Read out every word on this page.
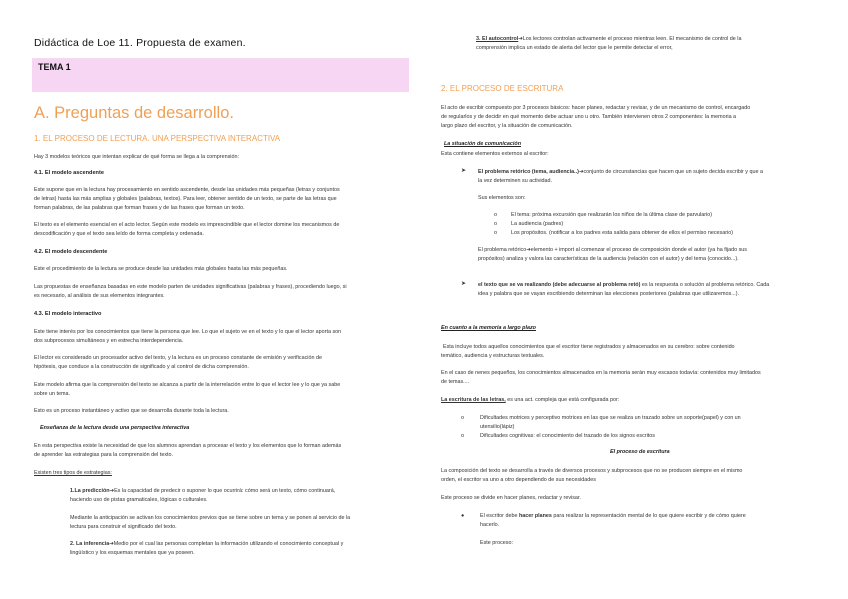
Didáctica de Loe 11. Propuesta de examen.
TEMA 1
A. Preguntas de desarrollo.
1. EL PROCESO DE LECTURA. UNA PERSPECTIVA INTERACTIVA
Hay 3 modelos teóricos que intentan explicar de qué forma se llega a la comprensión:
4.1. El modelo ascendente
Este supone que en la lectura hay procesamiento en sentido ascendente, desde las unidades más pequeñas (letras y conjuntos
de letras) hasta las más amplias y globales (palabras, textos). Para leer, obtener sentido de un texto, se parte de las letras que
forman palabras, de las palabras que forman frases y de las frases que forman un texto.
El texto es el elemento esencial en el acto lector. Según este modelo es imprescindible que el lector domine los mecanismos de
descodificación y que el texto sea leído de forma completa y ordenada.
4.2. El modelo descendente
Este el procedimiento de la lectura se produce desde las unidades más globales hasta las más pequeñas.
Las propuestas de enseñanza basadas en este modelo parten de unidades significativas (palabras y frases), procediendo luego, si
es necesario, al análisis de sus elementos integrantes.
4.3. El modelo interactivo
Este tiene interés por los conocimientos que tiene la persona que lee. Lo que el sujeto ve en el texto y lo que el lector aporta son
dos subprocesos simultáneos y en estrecha interdependencia.
El lector es considerado un procesador activo del texto, y la lectura es un proceso constante de emisión y verificación de
hipótesis, que conduce a la construcción de significado y al control de dicha comprensión.
Este modelo afirma que la comprensión del texto se alcanza a partir de la interrelación entre lo que el lector lee y lo que ya sabe
sobre un tema.
Esto es un proceso instantáneo y activo que se desarrolla durante toda la lectura.
Enseñanza de la lectura desde una perspectiva interactiva
En esta perspectiva existe la necesidad de que los alumnos aprendan a procesar el texto y los elementos que lo forman además
de aprender las estrategias para la comprensión del texto.
Existen tres tipos de estrategias:
1.La predicción➔Es la capacidad de predecir o suponer lo que ocurrirá: cómo será un texto, cómo continuará,
haciendo uso de pistas gramaticales, lógicas o culturales.
Mediante la anticipación se activan los conocimientos previos que se tiene sobre un tema y se ponen al servicio de la
lectura para construir el significado del texto.
2. La inferencia➔Medio por el cual las personas completan la información utilizando el conocimiento conceptual y
lingüístico y los esquemas mentales que ya poseen.
3. El autocontrol➔Los lectores controlan activamente el proceso mientras leen. El mecanismo de control de la
comprensión implica un estado de alerta del lector que le permite detectar el error,
2. EL PROCESO DE ESCRITURA
El acto de escribir compuesto por 3 procesos básicos: hacer planes, redactar y revisar, y de un mecanismo de control, encargado
de regularlos y de decidir en qué momento debe actuar uno u otro. También intervienen otros 2 componentes: la memoria a
largo plazo del escritor, y la situación de comunicación.
La situación de comunicación
Esta contiene elementos externos al escritor:
➤ El problema retórico (tema, audiencia..)➔conjunto de circunstancias que hacen que un sujeto decida escribir y que a
la vez determinen su actividad.
Sus elementos son:
o	El tema: próxima excursión que realizarán los niños de la última clase de parvulario)
o	La audiencia (padres)
o	Los propósitos. (notificar a los padres esta salida para obtener de ellos el permiso necesario)
El problema retórico➔elemento + import al comenzar el proceso de composición donde el autor (ya ha fijado sus
propósitos) analiza y valora las características de la audiencia (relación con el autor) y del tema (conocido...).
➤ el texto que se va realizando (debe adecuarse al problema retó) es la respuesta o solución al problema retórico. Cada
idea y palabra que se vayan escribiendo determinan las elecciones posteriores (palabras que utilizaremos...).
En cuanto a la memoria a largo plazo
Esta incluye todos aquellos conocimientos que el escritor tiene registrados y almacenados en su cerebro: sobre contenido
temático, audiencia y estructuras textuales.
En el caso de nenes pequeños, los conocimientos almacenados en la memoria serán muy escasos todavía: contenidos muy limitados
de temas....
La escritura de las letras, es una act. compleja que está configurada por:
o	Dificultades motrices y perceptivo motrices en las que se realiza un trazado sobre un soporte(papel) y con un
utensilio(lápiz)
o	Dificultades cognitivas: el conocimiento del trazado de los signos escritos
El proceso de escritura
La composición del texto se desarrolla a través de diversos procesos y subprocesos que no se producen siempre en el mismo
orden, el escritor va uno a otro dependiendo de sus necesidades
Este proceso se divide en hacer planes, redactar y revisar.
●	El escritor debe hacer planes para realizar la representación mental de lo que quiere escribir y de cómo quiere
hacerlo.
Este proceso:
